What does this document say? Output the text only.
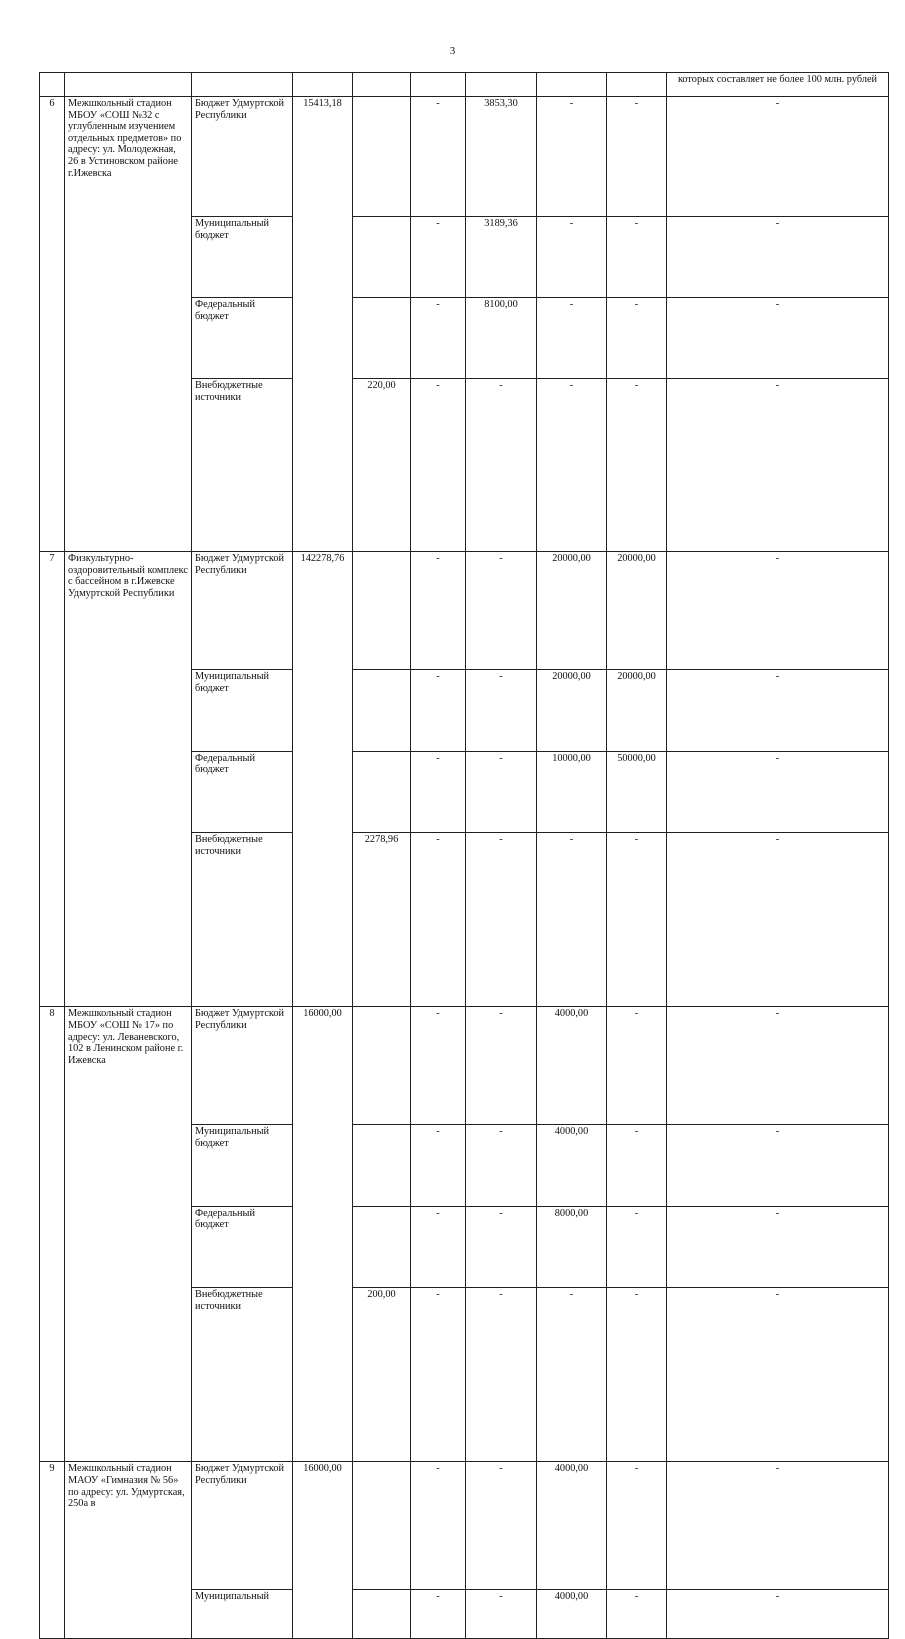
3
									которых составляет не более 100 млн. рублей	
6	Межшкольный стадион МБОУ «СОШ №32 с углубленным изучением отдельных предметов» по адресу: ул. Молодежная, 26 в Устиновском районе г.Ижевска	Бюджет Удмуртской Республики	15413,18		-	3853,30	-	-	-	
		Муниципальный бюджет			-	3189,36	-	-	-	
		Федеральный бюджет			-	8100,00	-	-	-	
		Внебюджетные источники		220,00	-	-	-	-	-	
7	Физкультурно-оздоровительный комплекс с бассейном в г.Ижевске Удмуртской Республики	Бюджет Удмуртской Республики	142278,76		-	-	20000,00	20000,00	-	
		Муниципальный бюджет			-	-	20000,00	20000,00	-	
		Федеральный бюджет			-	-	10000,00	50000,00	-	
		Внебюджетные источники		2278,96	-	-	-	-	-	
8	Межшкольный стадион МБОУ «СОШ № 17» по адресу: ул. Леваневского, 102 в Ленинском районе г. Ижевска	Бюджет Удмуртской Республики	16000,00		-	-	4000,00	-	-	
		Муниципальный бюджет			-	-	4000,00	-	-	
		Федеральный бюджет			-	-	8000,00	-	-	
		Внебюджетные источники		200,00	-	-	-	-	-	
9	Межшкольный стадион МАОУ «Гимназия № 56» по адресу: ул. Удмуртская, 250а в	Бюджет Удмуртской Республики	16000,00		-	-	4000,00	-	-	
		Муниципальный			-	-	4000,00	-	-	
